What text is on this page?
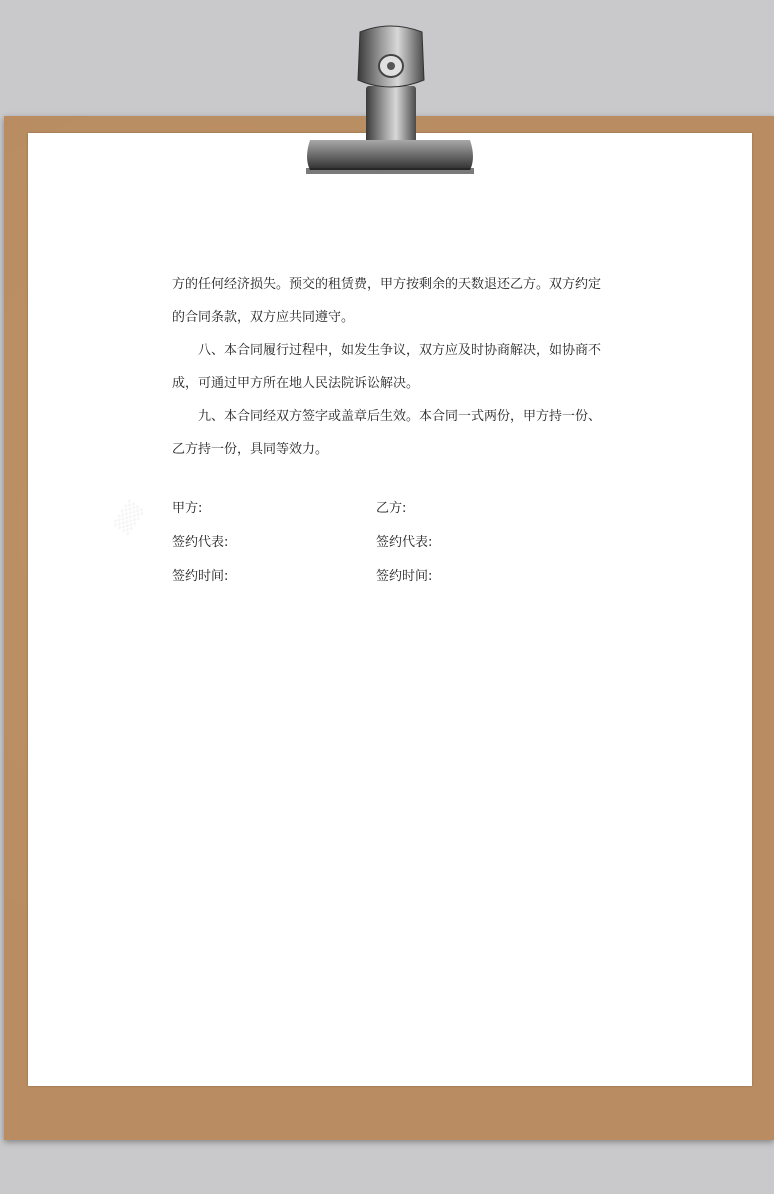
方的任何经济损失。预交的租赁费，甲方按剩余的天数退还乙方。双方约定的合同条款，双方应共同遵守。

八、本合同履行过程中，如发生争议，双方应及时协商解决，如协商不成，可通过甲方所在地人民法院诉讼解决。

九、本合同经双方签字或盖章后生效。本合同一式两份，甲方持一份、乙方持一份，具同等效力。

甲方:	乙方:
签约代表:	签约代表:
签约时间:	签约时间:
